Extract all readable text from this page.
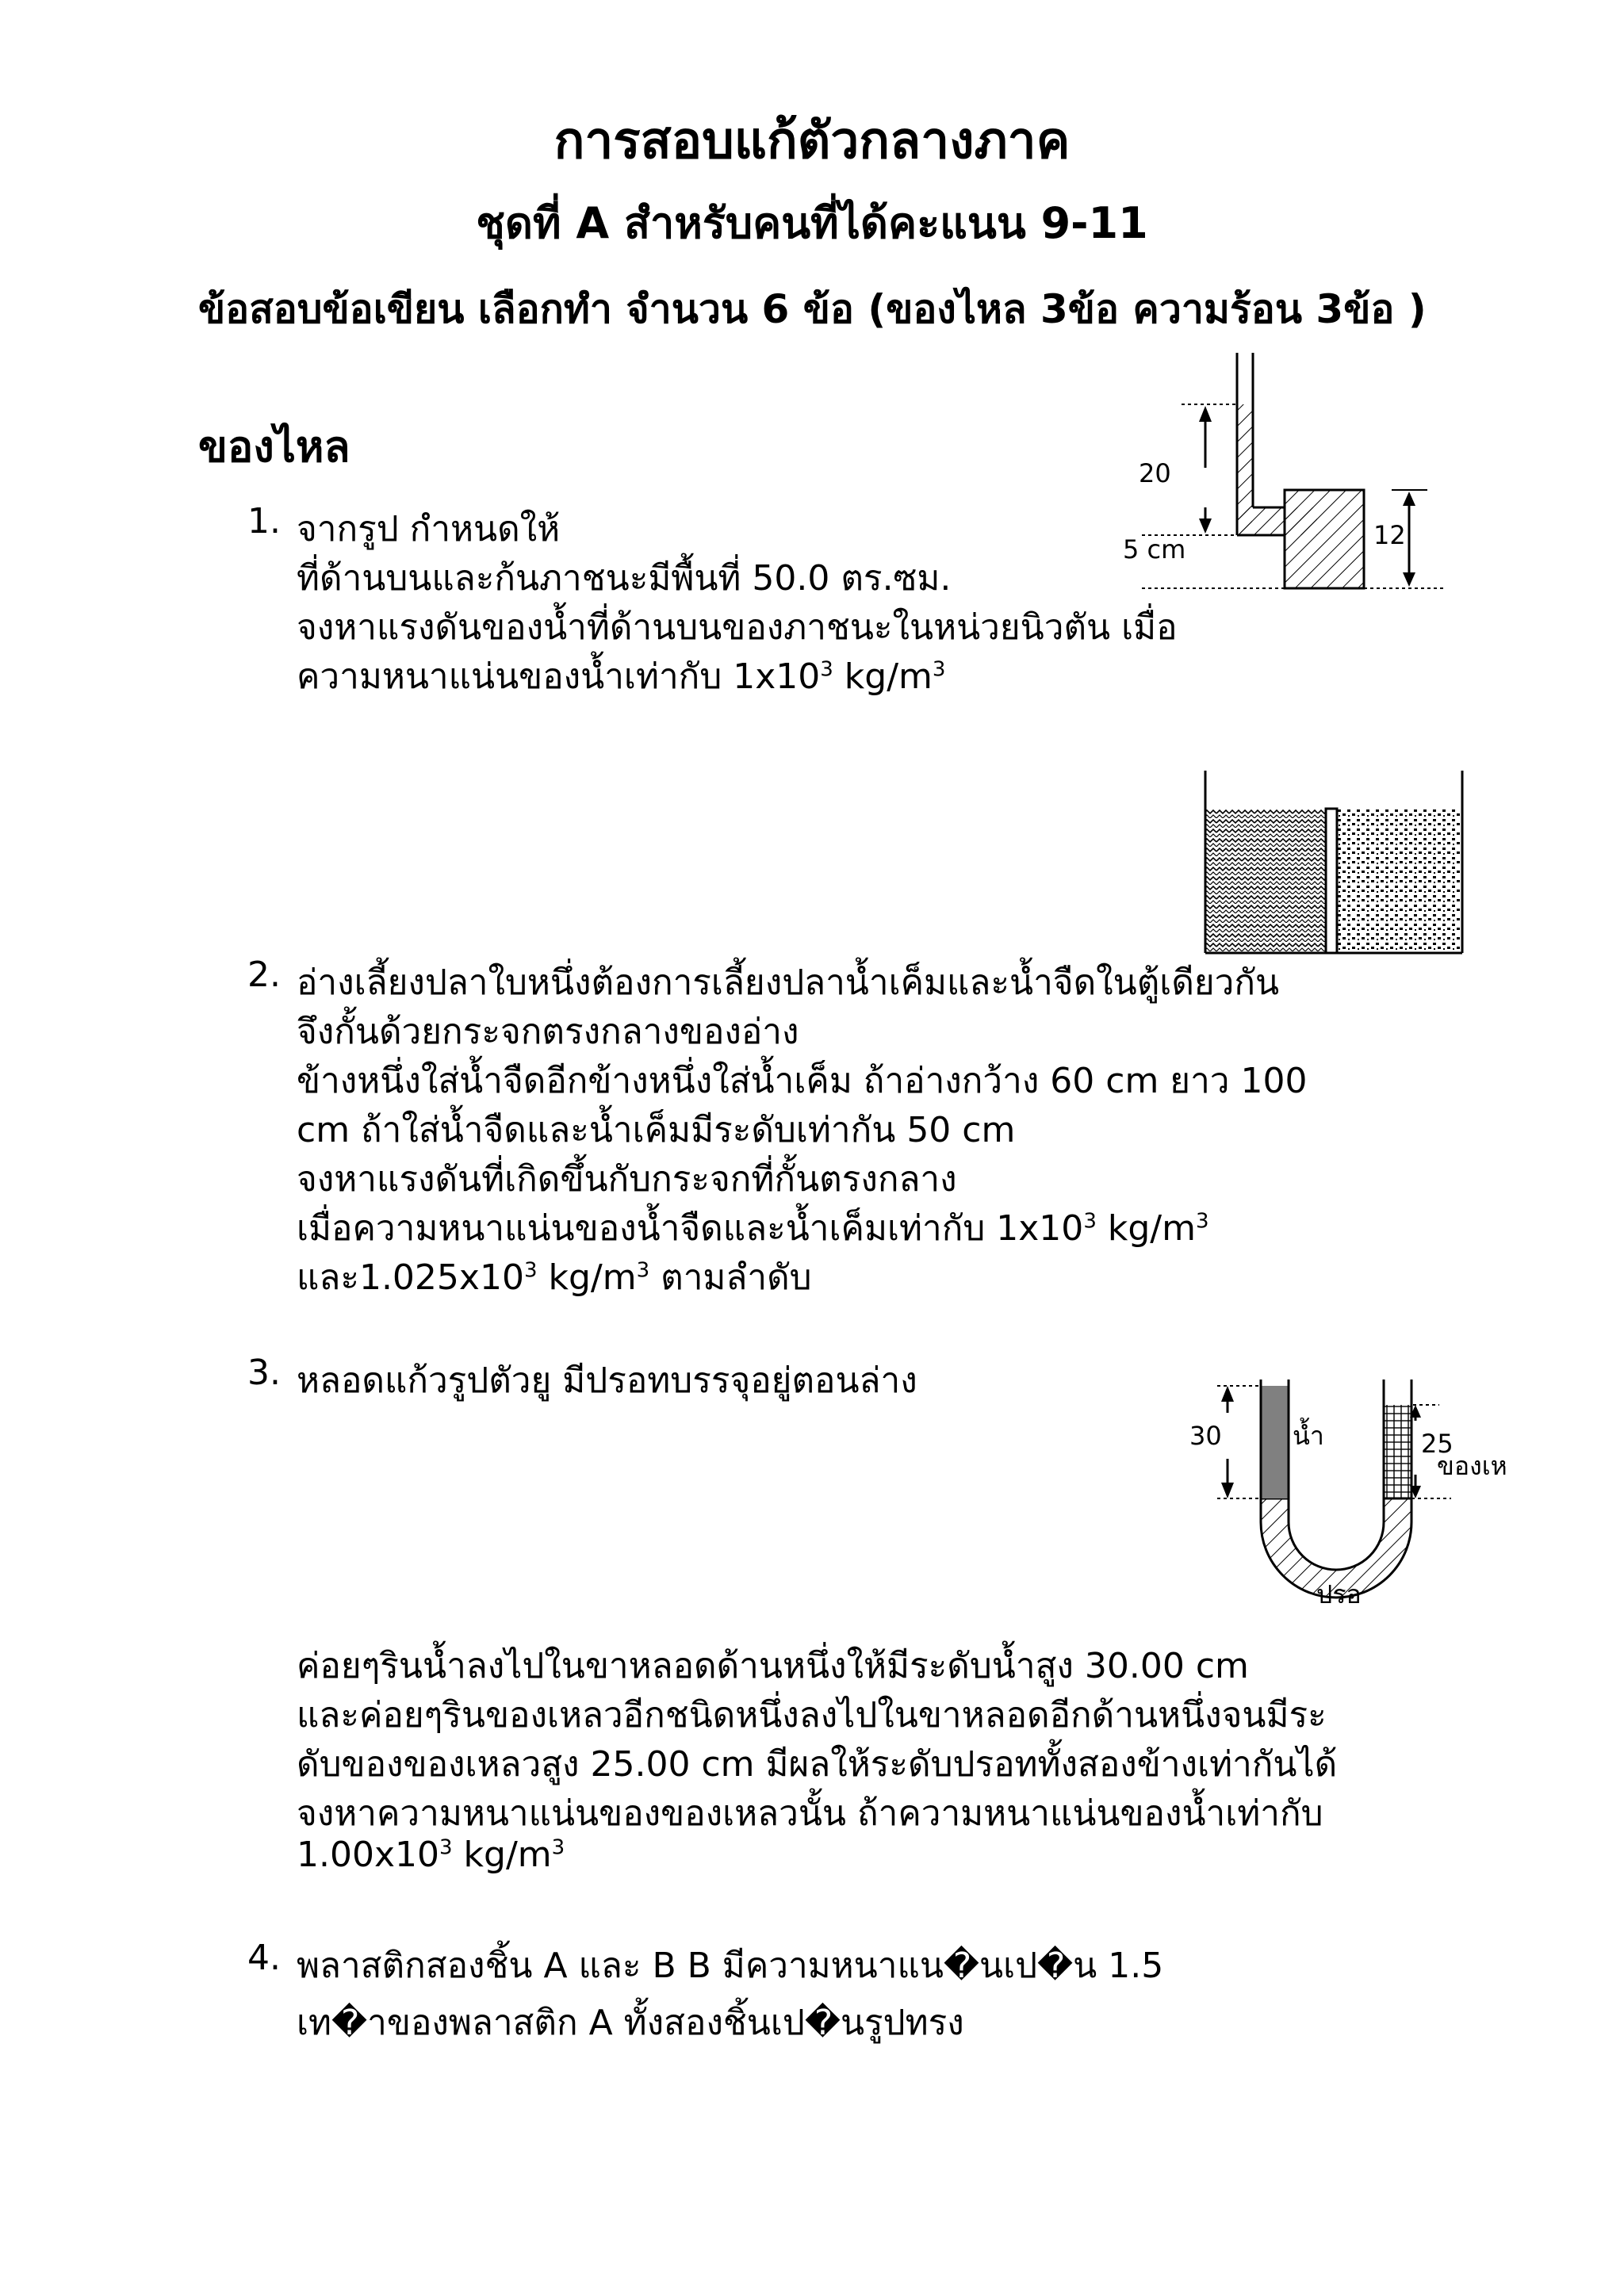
การสอบแก้ตัวกลางภาค
ชุดที่ A สำหรับคนที่ได้คะแนน 9-11
ข้อสอบข้อเขียน เลือกทำ จำนวน 6 ข้อ (ของไหล 3ข้อ ความร้อน 3ข้อ )
ของไหล
1. จากรูป กำหนดให้
ที่ด้านบนและก้นภาชนะมีพื้นที่ 50.0 ตร.ซม.
จงหาแรงดันของน้ำที่ด้านบนของภาชนะในหน่วยนิวตัน เมื่อ
ความหนาแน่นของน้ำเท่ากับ $1x10^3$ $kg/m^3$
20
5 cm	12
2. อ่างเลี้ยงปลาใบหนึ่งต้องการเลี้ยงปลาน้ำเค็มและน้ำจืดในตู้เดียวกัน
จึงกั้นด้วยกระจกตรงกลางของอ่าง
ข้างหนึ่งใส่น้ำจืดอีกข้างหนึ่งใส่น้ำเค็ม ถ้าอ่างกว้าง 60 cm ยาว 100
cm ถ้าใส่น้ำจืดและน้ำเค็มมีระดับเท่ากัน 50 cm
จงหาแรงดันที่เกิดขึ้นกับกระจกที่กั้นตรงกลาง
เมื่อความหนาแน่นของน้ำจืดและน้ำเค็มเท่ากับ $1x10^3$ $kg/m^3$
และ$1.025x10^3$ $kg/m^3$ ตามลำดับ
3. หลอดแก้วรูปตัวยู มีปรอทบรรจุอยู่ตอนล่าง
ค่อยๆรินน้ำลงไปในขาหลอดด้านหนึ่งให้มีระดับน้ำสูง 30.00 cm
และค่อยๆรินของเหลวอีกชนิดหนึ่งลงไปในขาหลอดอีกด้านหนึ่งจนมีระ
ดับของของเหลวสูง 25.00 cm มีผลให้ระดับปรอททั้งสองข้างเท่ากันได้
จงหาความหนาแน่นของของเหลวนั้น ถ้าความหนาแน่นของน้ำเท่ากับ
$1.00x10^3$ $kg/m^3$
30	น้ำ	25
ของเห
ปรอ
4. พลาสติกสองชิ้น A และ B B มีความหนาแน�นเป�น 1.5
เท�าของพลาสติก A ทั้งสองชิ้นเป�นรูปทรง
